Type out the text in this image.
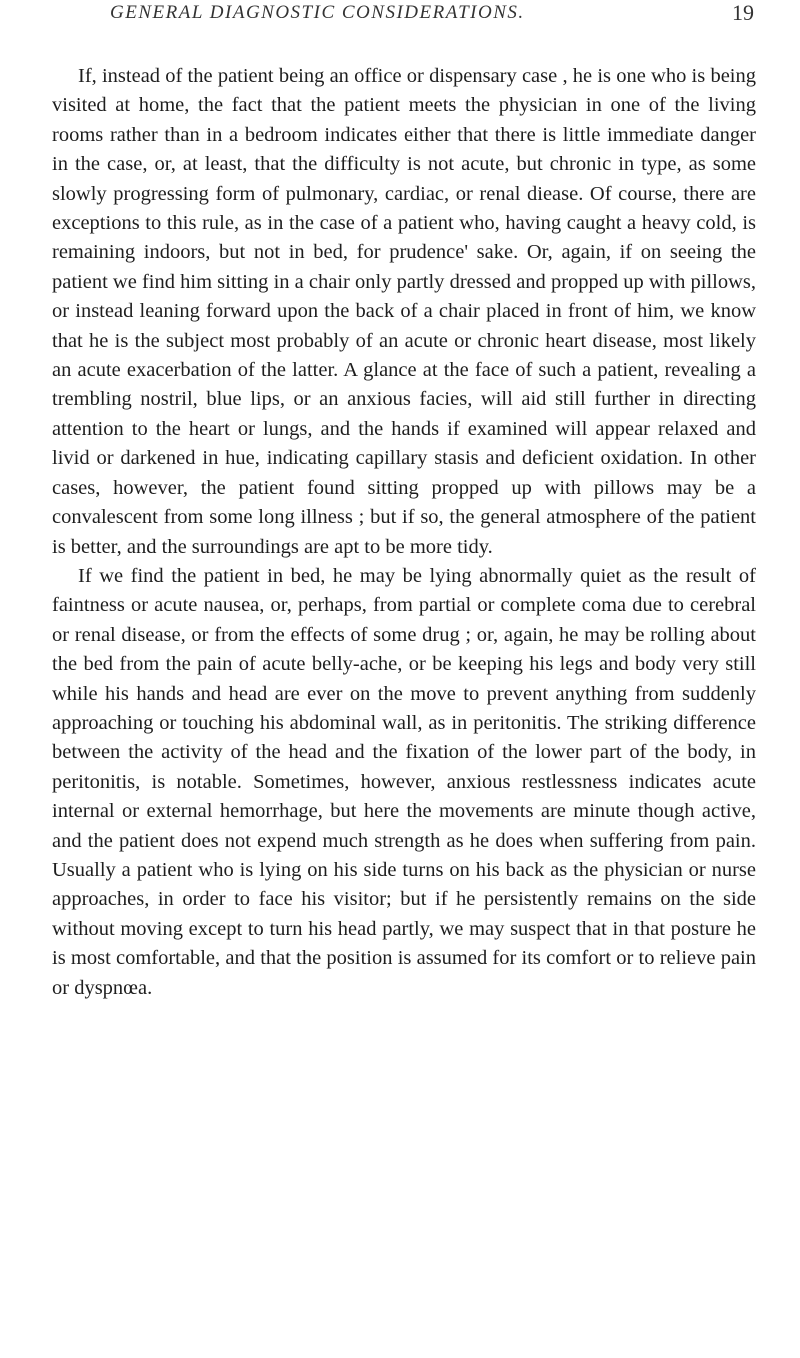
GENERAL DIAGNOSTIC CONSIDERATIONS.	19

If, instead of the patient being an office or dispensary case , he is one who is being visited at home, the fact that the patient meets the physician in one of the living rooms rather than in a bedroom indicates either that there is little immediate danger in the case, or, at least, that the difficulty is not acute, but chronic in type, as some slowly progressing form of pulmonary, cardiac, or renal diease. Of course, there are exceptions to this rule, as in the case of a patient who, having caught a heavy cold, is remaining indoors, but not in bed, for prudence' sake. Or, again, if on seeing the patient we find him sitting in a chair only partly dressed and propped up with pillows, or instead leaning forward upon the back of a chair placed in front of him, we know that he is the subject most probably of an acute or chronic heart disease, most likely an acute exacerbation of the latter. A glance at the face of such a patient, revealing a trembling nostril, blue lips, or an anxious facies, will aid still further in directing attention to the heart or lungs, and the hands if examined will appear relaxed and livid or darkened in hue, indicating capillary stasis and deficient oxidation. In other cases, however, the patient found sitting propped up with pillows may be a convalescent from some long illness ; but if so, the general atmosphere of the patient is better, and the surroundings are apt to be more tidy.

If we find the patient in bed, he may be lying abnormally quiet as the result of faintness or acute nausea, or, perhaps, from partial or complete coma due to cerebral or renal disease, or from the effects of some drug ; or, again, he may be rolling about the bed from the pain of acute belly-ache, or be keeping his legs and body very still while his hands and head are ever on the move to prevent anything from suddenly approaching or touching his abdominal wall, as in peritonitis. The striking difference between the activity of the head and the fixation of the lower part of the body, in peritonitis, is notable. Sometimes, however, anxious restlessness indicates acute internal or external hemorrhage, but here the movements are minute though active, and the patient does not expend much strength as he does when suffering from pain. Usually a patient who is lying on his side turns on his back as the physician or nurse approaches, in order to face his visitor; but if he persistently remains on the side without moving except to turn his head partly, we may suspect that in that posture he is most comfortable, and that the position is assumed for its comfort or to relieve pain or dyspnœa.
